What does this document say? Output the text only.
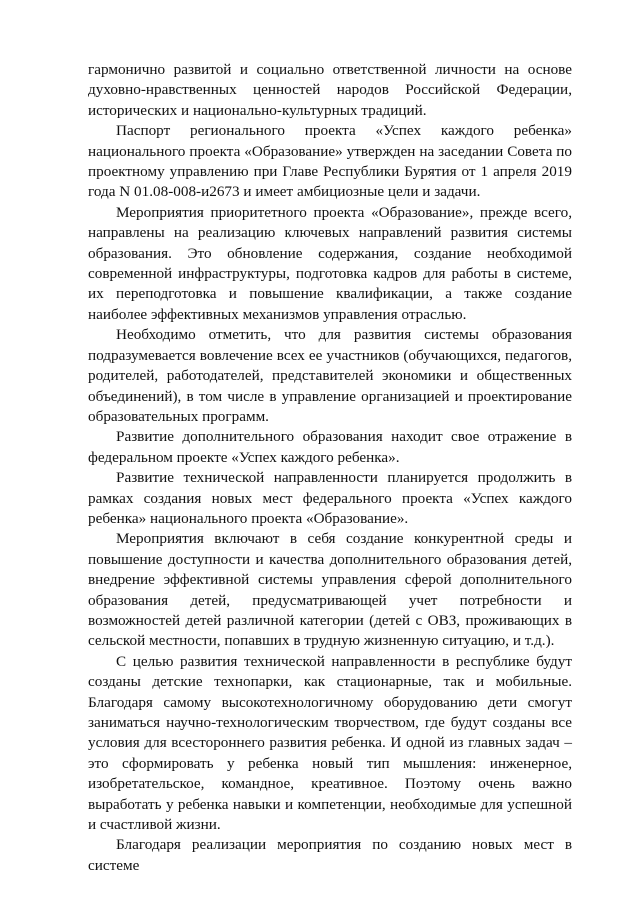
гармонично развитой и социально ответственной личности на основе духовно-нравственных ценностей народов Российской Федерации, исторических и национально-культурных традиций.

Паспорт регионального проекта «Успех каждого ребенка» национального проекта «Образование» утвержден на заседании Совета по проектному управлению при Главе Республики Бурятия от 1 апреля 2019 года N 01.08-008-и2673 и имеет амбициозные цели и задачи.

Мероприятия приоритетного проекта «Образование», прежде всего, направлены на реализацию ключевых направлений развития системы образования. Это обновление содержания, создание необходимой современной инфраструктуры, подготовка кадров для работы в системе, их переподготовка и повышение квалификации, а также создание наиболее эффективных механизмов управления отраслью.

Необходимо отметить, что для развития системы образования подразумевается вовлечение всех ее участников (обучающихся, педагогов, родителей, работодателей, представителей экономики и общественных объединений), в том числе в управление организацией и проектирование образовательных программ.

Развитие дополнительного образования находит свое отражение в федеральном проекте «Успех каждого ребенка».

Развитие технической направленности планируется продолжить в рамках создания новых мест федерального проекта «Успех каждого ребенка» национального проекта «Образование».

Мероприятия включают в себя создание конкурентной среды и повышение доступности и качества дополнительного образования детей, внедрение эффективной системы управления сферой дополнительного образования детей, предусматривающей учет потребности и возможностей детей различной категории (детей с ОВЗ, проживающих в сельской местности, попавших в трудную жизненную ситуацию, и т.д.).

С целью развития технической направленности в республике будут созданы детские технопарки, как стационарные, так и мобильные. Благодаря самому высокотехнологичному оборудованию дети смогут заниматься научно-технологическим творчеством, где будут созданы все условия для всестороннего развития ребенка. И одной из главных задач – это сформировать у ребенка новый тип мышления: инженерное, изобретательское, командное, креативное. Поэтому очень важно выработать у ребенка навыки и компетенции, необходимые для успешной и счастливой жизни.

Благодаря реализации мероприятия по созданию новых мест в системе
